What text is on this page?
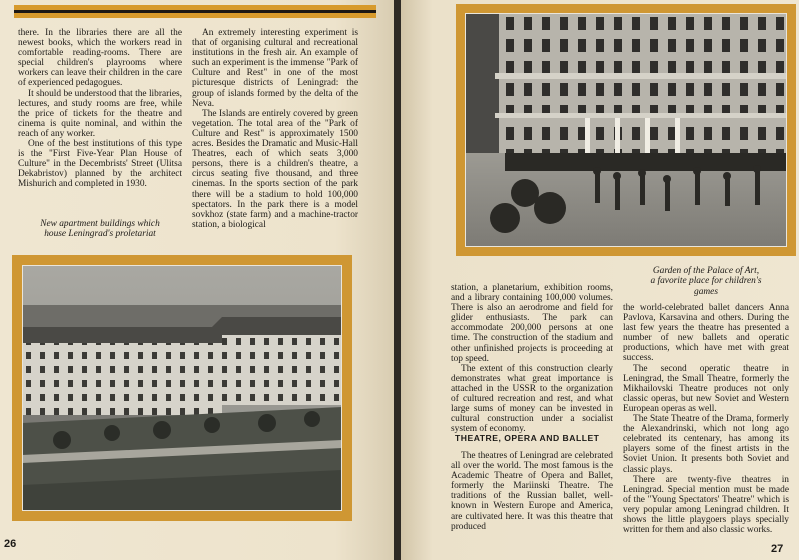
there. In the libraries there are all the newest books, which the workers read in comfortable reading-rooms. There are special children's playrooms where workers can leave their children in the care of experienced pedagogues.

It should be understood that the libraries, lectures, and study rooms are free, while the price of tickets for the theatre and cinema is quite nominal, and within the reach of any worker.

One of the best institutions of this type is the "First Five-Year Plan House of Culture" in the Decembrists' Street (Ulitsa Dekabristov) planned by the architect Mishurich and completed in 1930.

An extremely interesting experiment is that of organising cultural and recreational institutions in the fresh air. An example of such an experiment is the immense "Park of Culture and Rest" in one of the most picturesque districts of Leningrad: the group of islands formed by the delta of the Neva.

The Islands are entirely covered by green vegetation. The total area of the "Park of Culture and Rest" is approximately 1500 acres. Besides the Dramatic and Music-Hall Theatres, each of which seats 3,000 persons, there is a children's theatre, a circus seating five thousand, and three cinemas. In the sports section of the park there will be a stadium to hold 100,000 spectators. In the park there is a model sovkhoz (state farm) and a machine-tractor station, a biological

New apartment buildings which
house Leningrad's proletariat
26
Garden of the Palace of Art,
a favorite place for children's
games

station, a planetarium, exhibition rooms, and a library containing 100,000 volumes. There is also an aerodrome and field for glider enthusiasts. The park can accommodate 200,000 persons at one time. The construction of the stadium and other unfinished projects is proceeding at top speed.

The extent of this construction clearly demonstrates what great importance is attached in the USSR to the organization of cultured recreation and rest, and what large sums of money can be invested in cultural construction under a socialist system of economy.

THEATRE, OPERA AND BALLET

The theatres of Leningrad are celebrated all over the world. The most famous is the Academic Theatre of Opera and Ballet, formerly the Mariinski Theatre. The traditions of the Russian ballet, well-known in Western Europe and America, are cultivated here. It was this theatre that produced

the world-celebrated ballet dancers Anna Pavlova, Karsavina and others. During the last few years the theatre has presented a number of new ballets and operatic productions, which have met with great success.

The second operatic theatre in Leningrad, the Small Theatre, formerly the Mikhailovski Theatre produces not only classic operas, but new Soviet and Western European operas as well.

The State Theatre of the Drama, formerly the Alexandrinski, which not long ago celebrated its centenary, has among its players some of the finest artists in the Soviet Union. It presents both Soviet and classic plays.

There are twenty-five theatres in Leningrad. Special mention must be made of the "Young Spectators' Theatre" which is very popular among Leningrad children. It shows the little playgoers plays specially written for them and also classic works.

27
